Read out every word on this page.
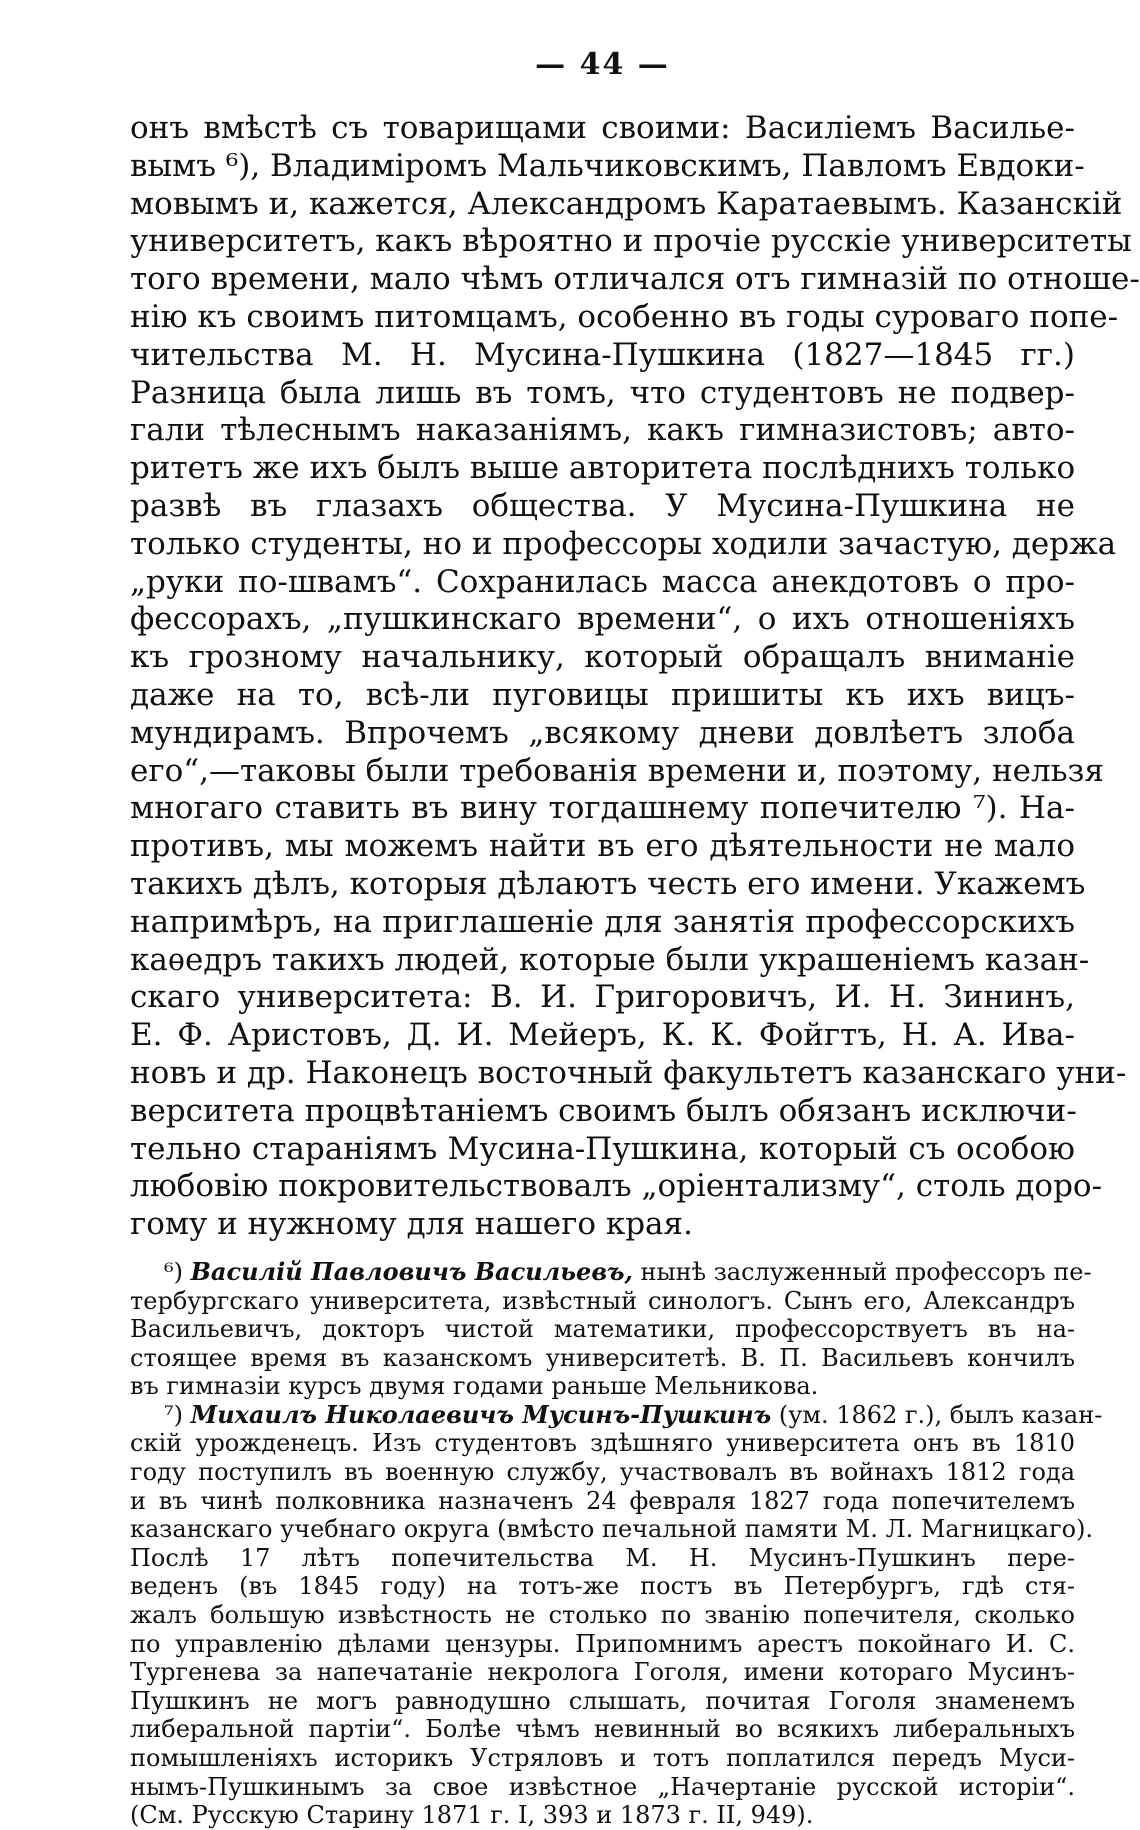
— 44 —
онъ вмѣстѣ съ товарищами своими: Василіемъ Василье-
вымъ ⁶), Владиміромъ Мальчиковскимъ, Павломъ Евдоки-
мовымъ и, кажется, Александромъ Каратаевымъ. Казанскій
университетъ, какъ вѣроятно и прочіе русскіе университеты
того времени, мало чѣмъ отличался отъ гимназій по отноше-
нію къ своимъ питомцамъ, особенно въ годы суроваго попе-
чительства М. Н. Мусина-Пушкина (1827—1845 гг.)
Разница была лишь въ томъ, что студентовъ не подвер-
гали тѣлеснымъ наказаніямъ, какъ гимназистовъ; авто-
ритетъ же ихъ былъ выше авторитета послѣднихъ только
развѣ въ глазахъ общества. У Мусина-Пушкина не
только студенты, но и профессоры ходили зачастую, держа
„руки по-швамъ“. Сохранилась масса анекдотовъ о про-
фессорахъ, „пушкинскаго времени“, о ихъ отношеніяхъ
къ грозному начальнику, который обращалъ вниманіе
даже на то, всѣ-ли пуговицы пришиты къ ихъ вицъ-
мундирамъ. Впрочемъ „всякому дневи довлѣетъ злоба
его“,—таковы были требованія времени и, поэтому, нельзя
многаго ставить въ вину тогдашнему попечителю ⁷). На-
противъ, мы можемъ найти въ его дѣятельности не мало
такихъ дѣлъ, которыя дѣлаютъ честь его имени. Укажемъ
напримѣръ, на приглашеніе для занятія профессорскихъ
каѳедръ такихъ людей, которые были украшеніемъ казан-
скаго университета: В. И. Григоровичъ, И. Н. Зининъ,
Е. Ф. Аристовъ, Д. И. Мейеръ, К. К. Фойгтъ, Н. А. Ива-
новъ и др. Наконецъ восточный факультетъ казанскаго уни-
верситета процвѣтаніемъ своимъ былъ обязанъ исключи-
тельно стараніямъ Мусина-Пушкина, который съ особою
любовію покровительствовалъ „оріентализму“, столь доро-
гому и нужному для нашего края.
⁶) Василій Павловичъ Васильевъ, нынѣ заслуженный профессоръ пе-
тербургскаго университета, извѣстный синологъ. Сынъ его, Александръ
Васильевичъ, докторъ чистой математики, профессорствуетъ въ на-
стоящее время въ казанскомъ университетѣ. В. П. Васильевъ кончилъ
въ гимназіи курсъ двумя годами раньше Мельникова.
⁷) Михаилъ Николаевичъ Мусинъ-Пушкинъ (ум. 1862 г.), былъ казан-
скій урожденецъ. Изъ студентовъ здѣшняго университета онъ въ 1810
году поступилъ въ военную службу, участвовалъ въ войнахъ 1812 года
и въ чинѣ полковника назначенъ 24 февраля 1827 года попечителемъ
казанскаго учебнаго округа (вмѣсто печальной памяти М. Л. Магницкаго).
Послѣ 17 лѣтъ попечительства М. Н. Мусинъ-Пушкинъ пере-
веденъ (въ 1845 году) на тотъ-же постъ въ Петербургъ, гдѣ стя-
жалъ большую извѣстность не столько по званію попечителя, сколько
по управленію дѣлами цензуры. Припомнимъ арестъ покойнаго И. С.
Тургенева за напечатаніе некролога Гоголя, имени котораго Мусинъ-
Пушкинъ не могъ равнодушно слышать, почитая Гоголя знаменемъ
либеральной партіи“. Болѣе чѣмъ невинный во всякихъ либеральныхъ
помышленіяхъ историкъ Устряловъ и тотъ поплатился передъ Муси-
нымъ-Пушкинымъ за свое извѣстное „Начертаніе русской исторіи“.
(См. Русскую Старину 1871 г. I, 393 и 1873 г. II, 949).
